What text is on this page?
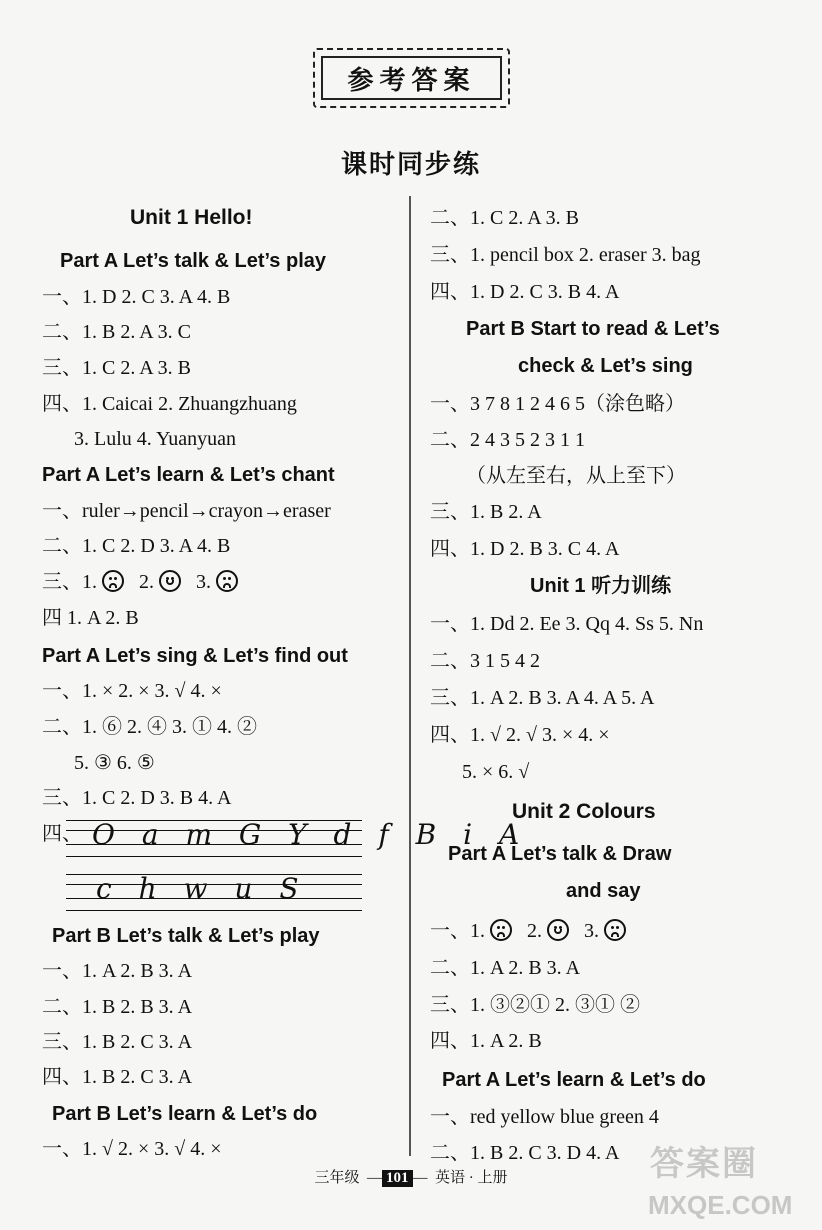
参考答案
课时同步练
Unit 1 Hello!
Part A Let’s talk & Let’s play
一、1. D 2. C 3. A 4. B
二、1. B 2. A 3. C
三、1. C 2. A 3. B
四、1. Caicai 2. Zhuangzhuang
3. Lulu 4. Yuanyuan
Part A Let’s learn & Let’s chant
一、ruler→pencil→crayon→eraser
二、1. C 2. D 3. A 4. B
三、1. 2. 3.
四 1. A 2. B
Part A Let’s sing & Let’s find out
一、1. × 2. × 3. √ 4. ×
二、1. ⑥ 2. ④ 3. ① 4. ②
5. ③ 6. ⑤
三、1. C 2. D 3. B 4. A
四、 O a m G Y d f B i A
c h w u S
Part B Let’s talk & Let’s play
一、1. A 2. B 3. A
二、1. B 2. B 3. A
三、1. B 2. C 3. A
四、1. B 2. C 3. A
Part B Let’s learn & Let’s do
一、1. √ 2. × 3. √ 4. ×
二、1. C 2. A 3. B
三、1. pencil box 2. eraser 3. bag
四、1. D 2. C 3. B 4. A
Part B Start to read & Let’s
check & Let’s sing
一、3 7 8 1 2 4 6 5（涂色略）
二、2 4 3 5 2 3 1 1
（从左至右，从上至下）
三、1. B 2. A
四、1. D 2. B 3. C 4. A
Unit 1 听力训练
一、1. Dd 2. Ee 3. Qq 4. Ss 5. Nn
二、3 1 5 4 2
三、1. A 2. B 3. A 4. A 5. A
四、1. √ 2. √ 3. × 4. ×
5. × 6. √
Unit 2 Colours
Part A Let’s talk & Draw
and say
一、1. 2. 3.
二、1. A 2. B 3. A
三、1. ③②① 2. ③① ②
四、1. A 2. B
Part A Let’s learn & Let’s do
一、red yellow blue green 4
二、1. B 2. C 3. D 4. A
三年级  — 101 —  英语 · 上册	答案圈
MXQE.COM
